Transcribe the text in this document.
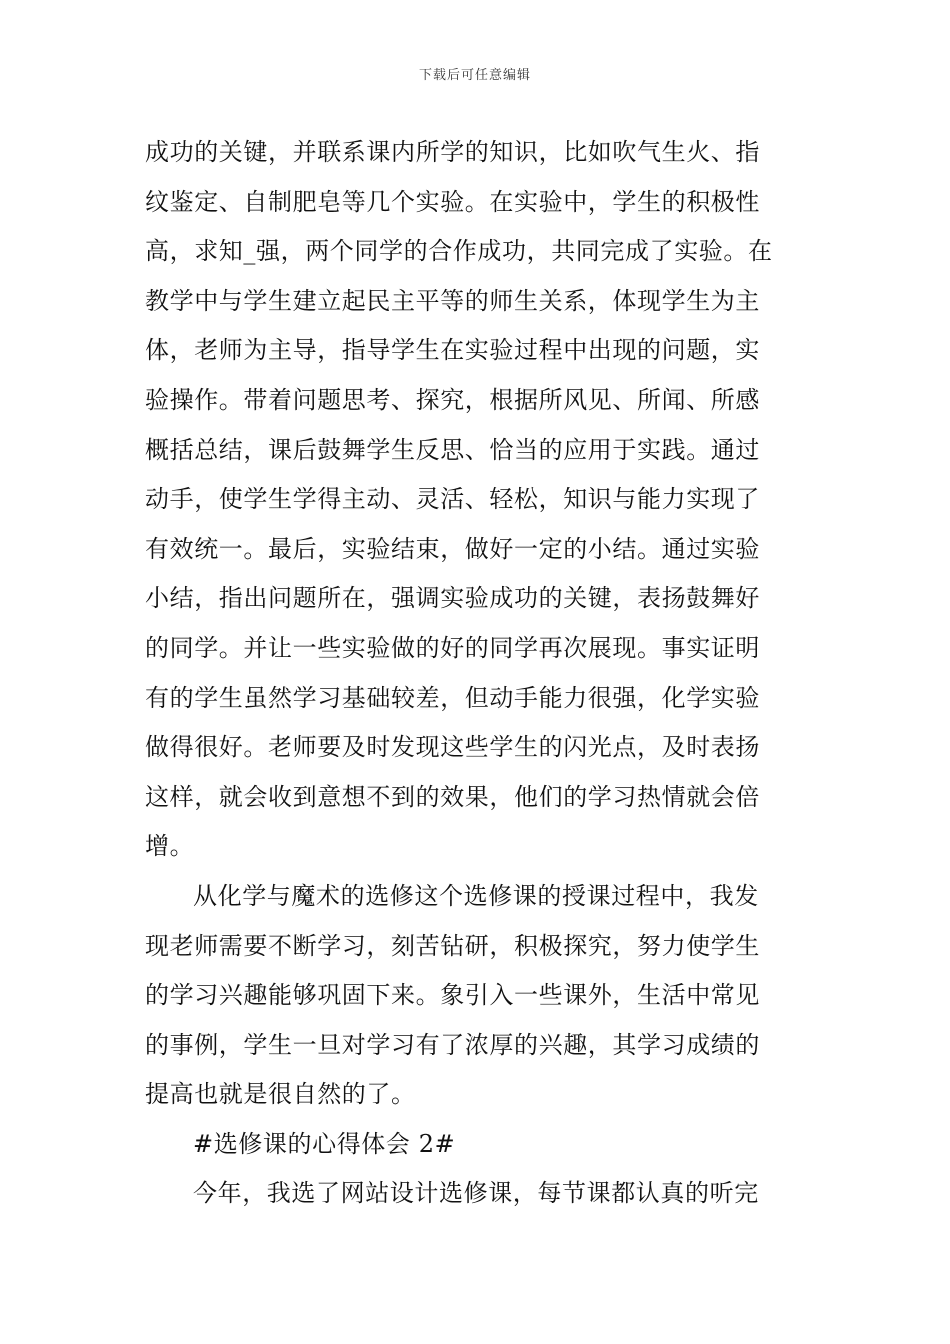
下载后可任意编辑
成功的关键，并联系课内所学的知识，比如吹气生火、指
纹鉴定、自制肥皂等几个实验。在实验中，学生的积极性
高，求知_强，两个同学的合作成功，共同完成了实验。在
教学中与学生建立起民主平等的师生关系，体现学生为主
体，老师为主导，指导学生在实验过程中出现的问题，实
验操作。带着问题思考、探究，根据所风见、所闻、所感
概括总结，课后鼓舞学生反思、恰当的应用于实践。通过
动手，使学生学得主动、灵活、轻松，知识与能力实现了
有效统一。最后，实验结束，做好一定的小结。通过实验
小结，指出问题所在，强调实验成功的关键，表扬鼓舞好
的同学。并让一些实验做的好的同学再次展现。事实证明
有的学生虽然学习基础较差，但动手能力很强，化学实验
做得很好。老师要及时发现这些学生的闪光点，及时表扬
这样，就会收到意想不到的效果，他们的学习热情就会倍
增。
从化学与魔术的选修这个选修课的授课过程中，我发
现老师需要不断学习，刻苦钻研，积极探究，努力使学生
的学习兴趣能够巩固下来。象引入一些课外，生活中常见
的事例，学生一旦对学习有了浓厚的兴趣，其学习成绩的
提高也就是很自然的了。
#选修课的心得体会 2#
今年，我选了网站设计选修课，每节课都认真的听完
